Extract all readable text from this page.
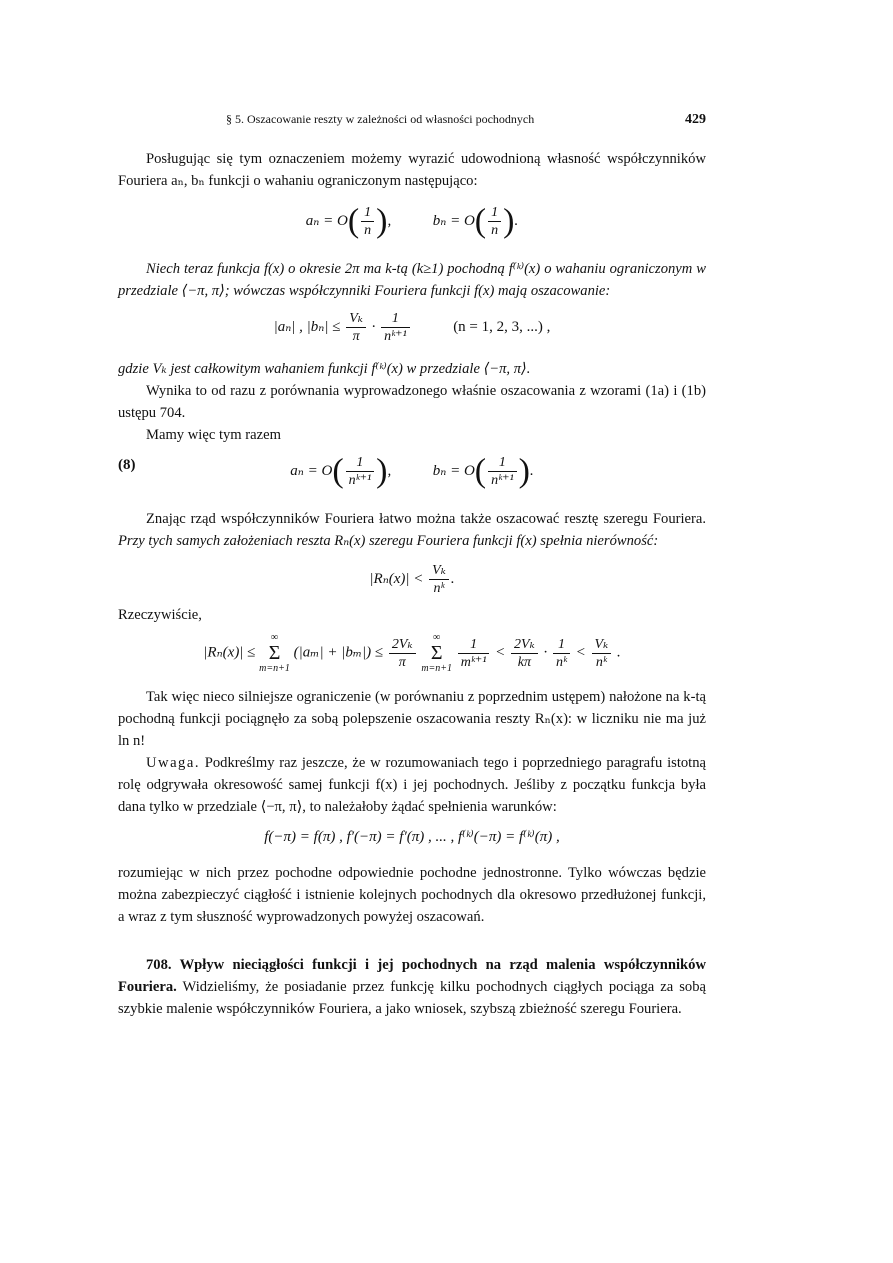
§ 5. Oszacowanie reszty w zależności od własności pochodnych	429

Posługując się tym oznaczeniem możemy wyrazić udowodnioną własność współczynników Fouriera aₙ, bₙ funkcji o wahaniu ograniczonym następująco:

$a_n = O( \frac{1}{n}$ ),	$b_n = O( \frac{1}{n}$ ).

Niech teraz funkcja f(x) o okresie 2π ma k-tą (k≥1) pochodną f⁽ᵏ⁾(x) o wahaniu ograniczonym w przedziale ⟨−π, π⟩; wówczas współczynniki Fouriera funkcji f(x) mają oszacowanie:

|aₙ| , $|b_n| \le \frac{\text{Vₖ}}{\pi} \cdot \frac{1}{\text{nᵏ⁺¹}}$	(n = 1, 2, 3, ...) ,

gdzie Vₖ jest całkowitym wahaniem funkcji f⁽ᵏ⁾(x) w przedziale ⟨−π, π⟩.

Wynika to od razu z porównania wyprowadzonego właśnie oszacowania z wzorami (1a) i (1b) ustępu 704.

Mamy więc tym razem

(8)	$a_n = O( \frac{1}{\text{nᵏ⁺¹}}$ ),	$b_n = O( \frac{1}{\text{nᵏ⁺¹}}$ ).

Znając rząd współczynników Fouriera łatwo można także oszacować resztę szeregu Fouriera. Przy tych samych założeniach reszta Rₙ(x) szeregu Fouriera funkcji f(x) spełnia nierówność:

$|R_n(x)| < \frac{\text{Vₖ}}{\text{nᵏ}}$ .

Rzeczywiście,

|Rₙ(x)| ≤
∞
Σ
m=n+1
$(|a_m| + |b_m|) \le \frac{\text{2Vₖ}}{\pi}$
∞
Σ
m=n+1
$\frac{1}{\text{mᵏ⁺¹}} < \frac{\text{2Vₖ}}{k\pi} \cdot \frac{1}{\text{nᵏ}} < \frac{\text{Vₖ}}{\text{nᵏ}}$ .

Tak więc nieco silniejsze ograniczenie (w porównaniu z poprzednim ustępem) nałożone na k-tą pochodną funkcji pociągnęło za sobą polepszenie oszacowania reszty Rₙ(x): w liczniku nie ma już ln n!

Uwaga. Podkreślmy raz jeszcze, że w rozumowaniach tego i poprzedniego paragrafu istotną rolę odgrywała okresowość samej funkcji f(x) i jej pochodnych. Jeśliby z początku funkcja była dana tylko w przedziale ⟨−π, π⟩, to należałoby żądać spełnienia warunków:

f(−π) = f(π) , f′(−π) = f′(π) , ... , f⁽ᵏ⁾(−π) = f⁽ᵏ⁾(π) ,

rozumiejąc w nich przez pochodne odpowiednie pochodne jednostronne. Tylko wówczas będzie można zabezpieczyć ciągłość i istnienie kolejnych pochodnych dla okresowo przedłużonej funkcji, a wraz z tym słuszność wyprowadzonych powyżej oszacowań.

708. Wpływ nieciągłości funkcji i jej pochodnych na rząd malenia współczynników Fouriera. Widzieliśmy, że posiadanie przez funkcję kilku pochodnych ciągłych pociąga za sobą szybkie malenie współczynników Fouriera, a jako wniosek, szybszą zbieżność szeregu Fouriera.
